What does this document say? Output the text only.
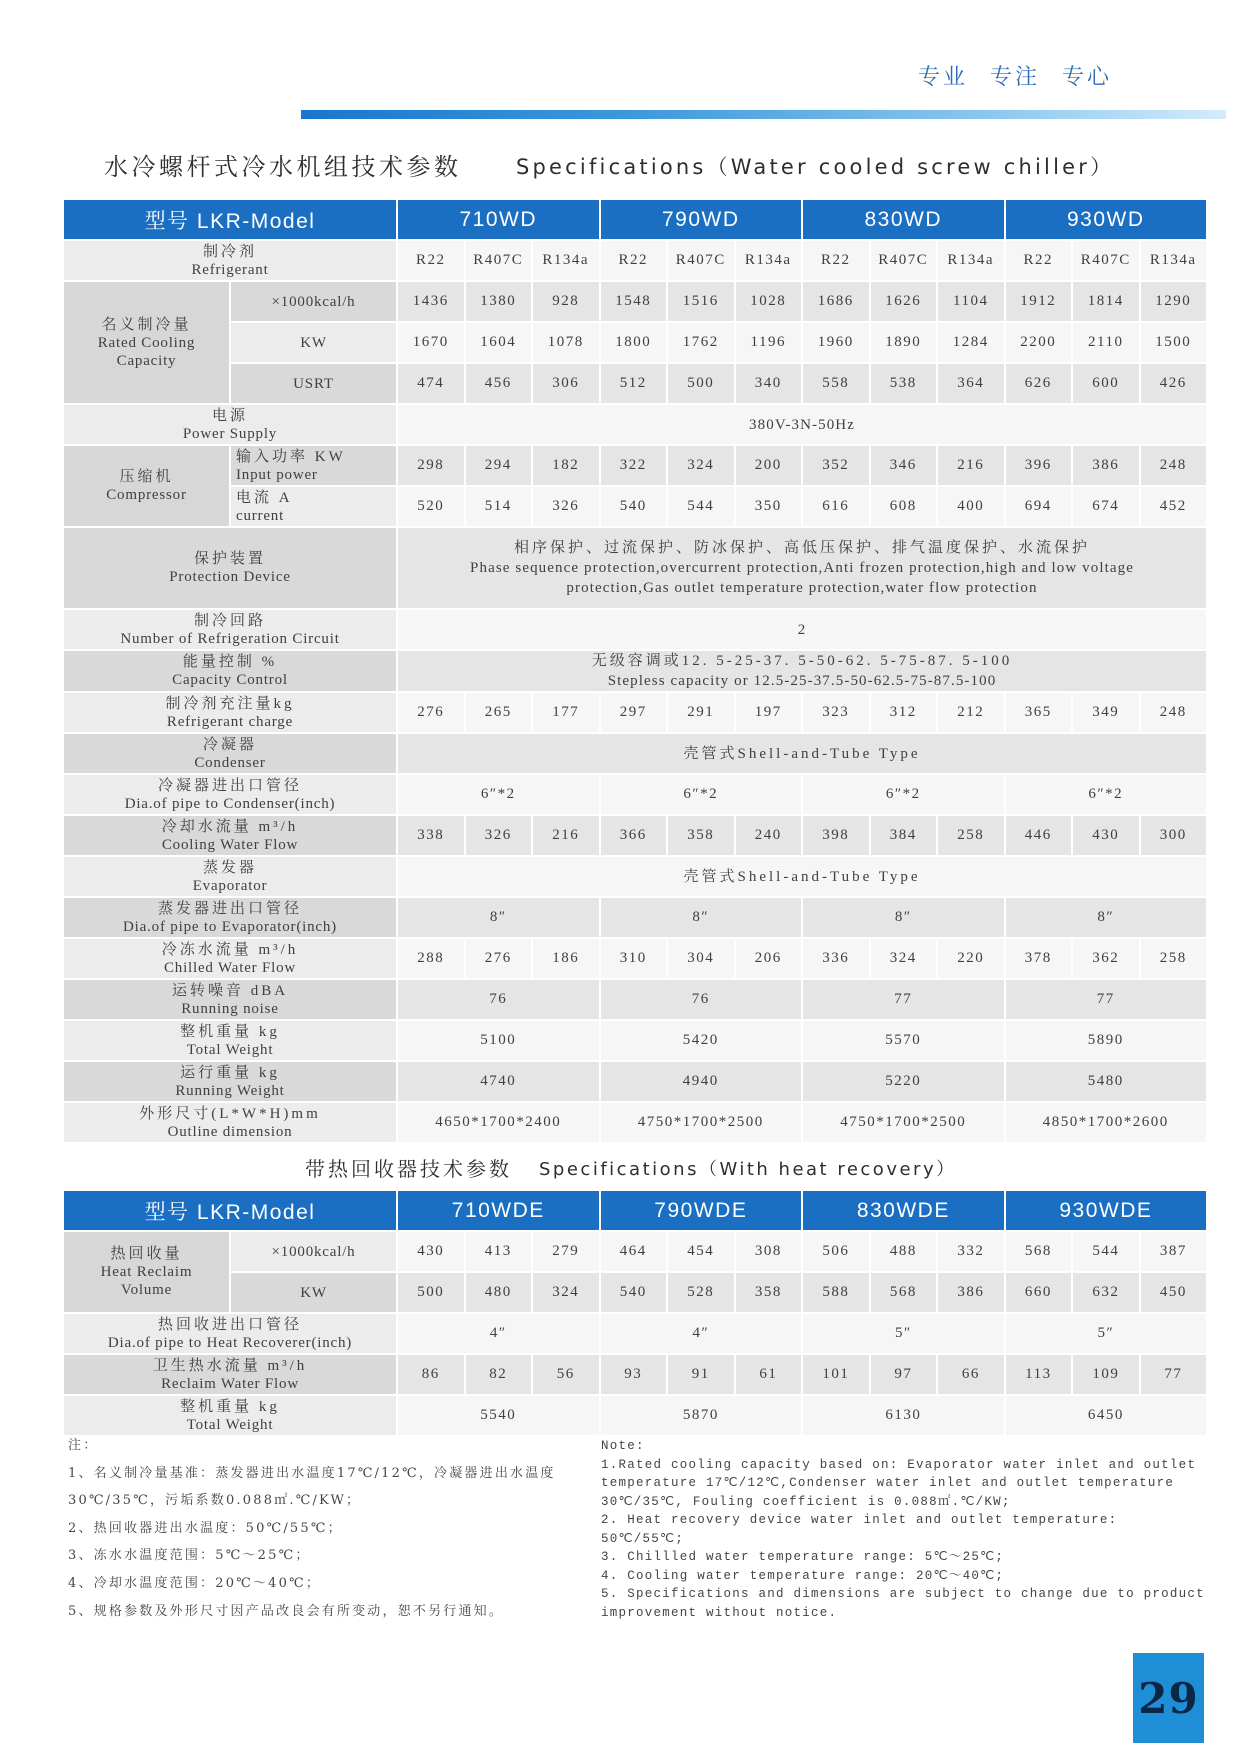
专业 专注 专心
水冷螺杆式冷水机组技术参数	Specifications（Water cooled screw chiller）
型号 LKR-Model		710WD			790WD			830WD			930WD		

制冷剂
Refrigerant		R22	R407C	R134a	R22	R407C	R134a	R22	R407C	R134a	R22	R407C	R134a

名义制冷量
Rated Cooling
Capacity	×1000kcal/h	1436	1380	928	1548	1516	1028	1686	1626	1104	1912	1814	1290

	KW	1670	1604	1078	1800	1762	1196	1960	1890	1284	2200	2110	1500

	USRT	474	456	306	512	500	340	558	538	364	626	600	426

电源
Power Supply		380V-3N-50Hz											

压缩机
Compressor	输入功率 KW
Input power	298	294	182	322	324	200	352	346	216	396	386	248

	电流 A
current	520	514	326	540	544	350	616	608	400	694	674	452

保护装置
Protection Device		相序保护、过流保护、防冰保护、高低压保护、排气温度保护、水流保护
Phase sequence protection,overcurrent protection,Anti frozen protection,high and low voltage
protection,Gas outlet temperature protection,water flow protection											

制冷回路
Number of Refrigeration Circuit		2											

能量控制 %
Capacity Control		无级容调或12. 5-25-37. 5-50-62. 5-75-87. 5-100
Stepless capacity or 12.5-25-37.5-50-62.5-75-87.5-100											

制冷剂充注量kg
Refrigerant charge		276	265	177	297	291	197	323	312	212	365	349	248

冷凝器
Condenser		壳管式Shell-and-Tube Type											

冷凝器进出口管径
Dia.of pipe to Condenser(inch)		6″*2			6″*2			6″*2			6″*2		

冷却水流量 m³/h
Cooling Water Flow		338	326	216	366	358	240	398	384	258	446	430	300

蒸发器
Evaporator		壳管式Shell-and-Tube Type											

蒸发器进出口管径
Dia.of pipe to Evaporator(inch)		8″			8″			8″			8″		

冷冻水流量 m³/h
Chilled Water Flow		288	276	186	310	304	206	336	324	220	378	362	258

运转噪音 dBA
Running noise		76			76			77			77		

整机重量 kg
Total Weight		5100			5420			5570			5890		

运行重量 kg
Running Weight		4740			4940			5220			5480		

外形尺寸(L*W*H)mm
Outline dimension		4650*1700*2400			4750*1700*2500			4750*1700*2500			4850*1700*2600		
带热回收器技术参数 Specifications（With heat recovery）
型号 LKR-Model		710WDE			790WDE			830WDE			930WDE		

热回收量
Heat Reclaim
Volume	×1000kcal/h	430	413	279	464	454	308	506	488	332	568	544	387

	KW	500	480	324	540	528	358	588	568	386	660	632	450

热回收进出口管径
Dia.of pipe to Heat Recoverer(inch)		4″			4″			5″			5″		

卫生热水流量 m³/h
Reclaim Water Flow		86	82	56	93	91	61	101	97	66	113	109	77

整机重量 kg
Total Weight		5540			5870			6130			6450		
注：
1、名义制冷量基准：蒸发器进出水温度17℃/12℃，冷凝器进出水温度30℃/35℃，污垢系数0.088㎡.℃/KW；
2、热回收器进出水温度：50℃/55℃；
3、冻水水温度范围：5℃～25℃；
4、冷却水温度范围：20℃～40℃；
5、规格参数及外形尺寸因产品改良会有所变动，恕不另行通知。
Note:
1.Rated cooling capacity based on: Evaporator water inlet and outlet temperature 17℃/12℃,Condenser water inlet and outlet temperature 30℃/35℃, Fouling coefficient is 0.088㎡.℃/KW;
2. Heat recovery device water inlet and outlet temperature: 50℃/55℃;
3. Chillled water temperature range: 5℃～25℃;
4. Cooling water temperature range: 20℃～40℃;
5. Specifications and dimensions are subject to change due to product improvement without notice.
29
